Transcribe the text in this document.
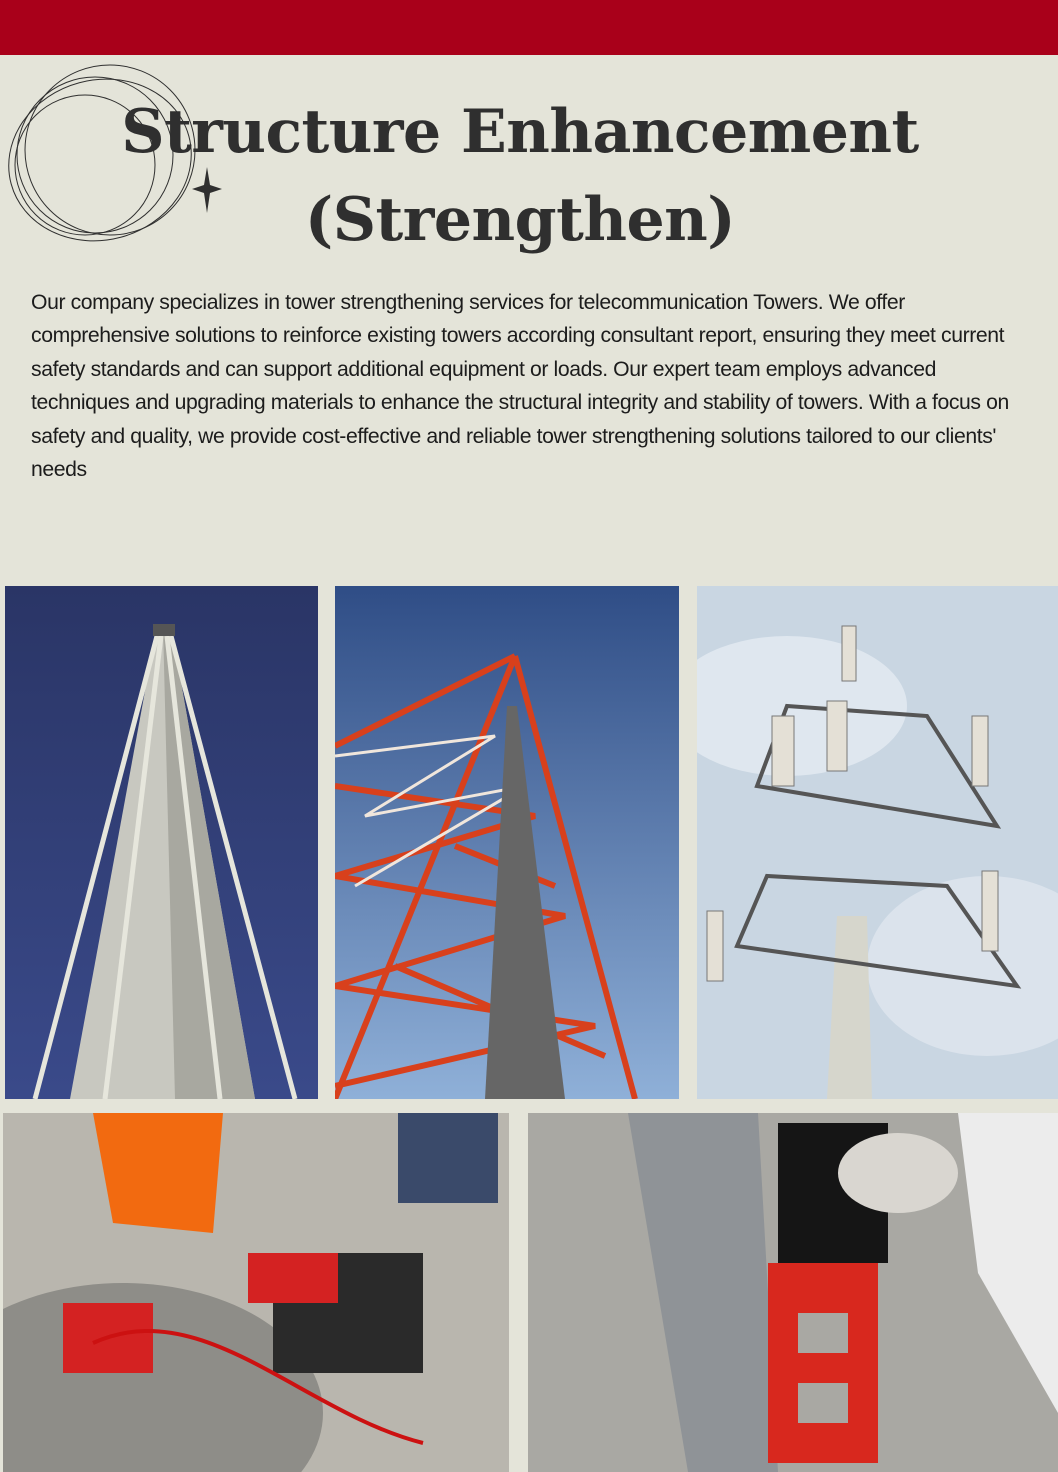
Structure Enhancement
(Strengthen)

Our company specializes in tower strengthening services for telecommunication Towers. We offer comprehensive solutions to reinforce existing towers according consultant report, ensuring they meet current safety standards and can support additional equipment or loads. Our expert team employs advanced techniques and upgrading materials to enhance the structural integrity and stability of towers. With a focus on safety and quality, we provide cost-effective and reliable tower strengthening solutions tailored to our clients' needs
